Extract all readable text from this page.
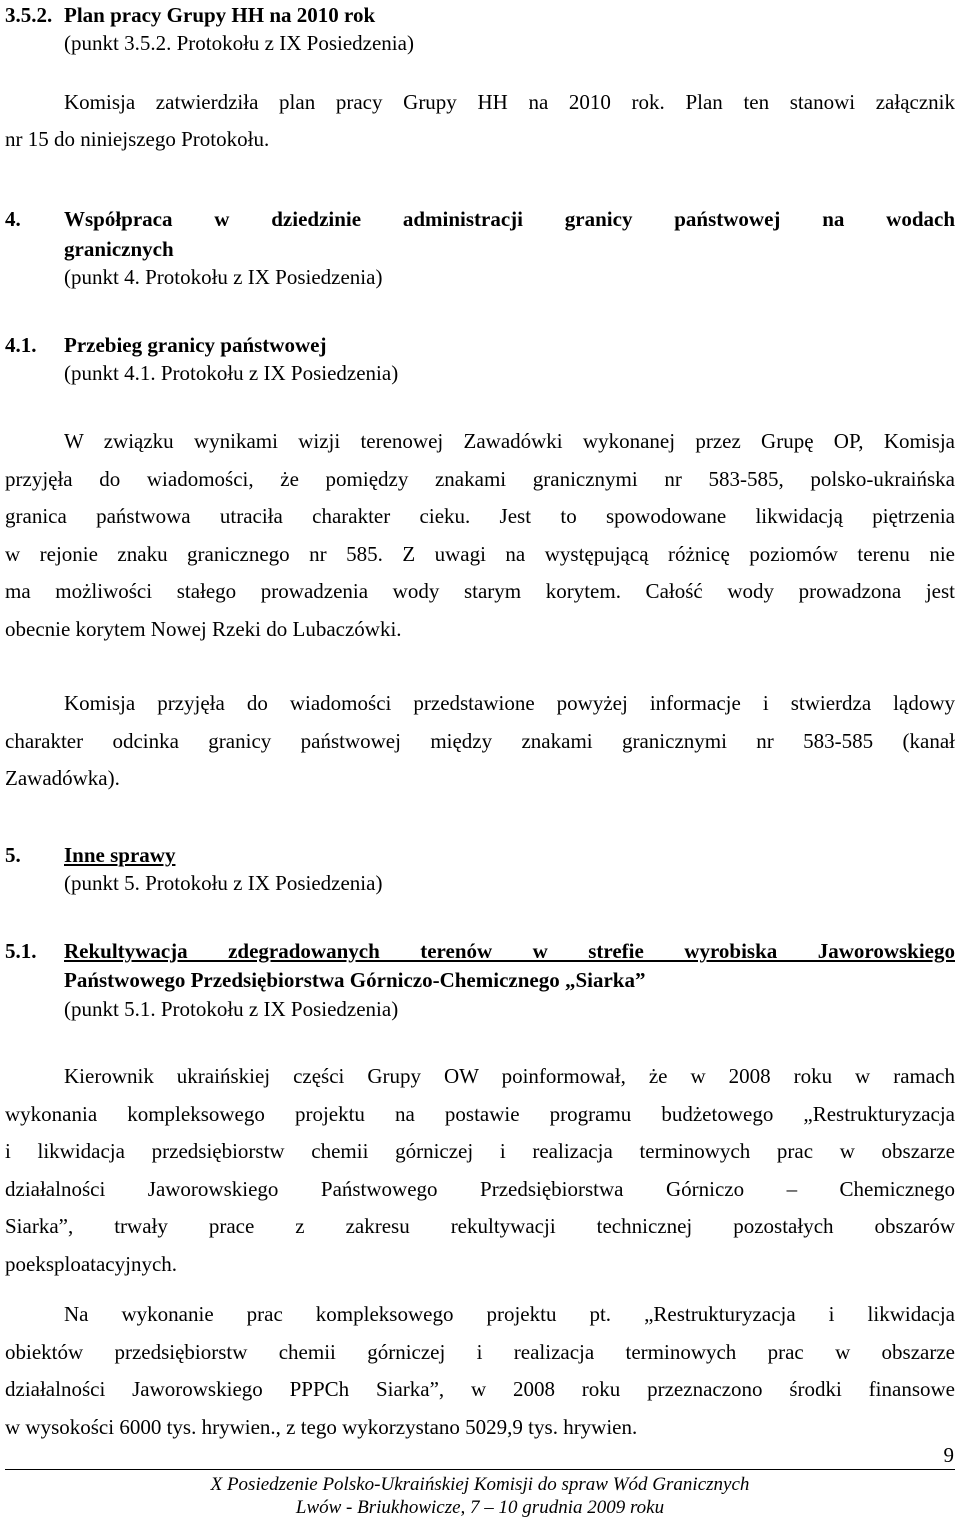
3.5.2. Plan pracy Grupy HH na 2010 rok
(punkt 3.5.2. Protokołu z IX Posiedzenia)
Komisja zatwierdziła plan pracy Grupy HH na 2010 rok. Plan ten stanowi załącznik
nr 15 do niniejszego Protokołu.
4. Współpraca w dziedzinie administracji granicy państwowej na wodach
granicznych
(punkt 4. Protokołu z IX Posiedzenia)
4.1. Przebieg granicy państwowej
(punkt 4.1. Protokołu z IX Posiedzenia)
W związku wynikami wizji terenowej Zawadówki wykonanej przez Grupę OP, Komisja
przyjęła do wiadomości, że pomiędzy znakami granicznymi nr 583-585, polsko-ukraińska
granica państwowa utraciła charakter cieku. Jest to spowodowane likwidacją piętrzenia
w rejonie znaku granicznego nr 585. Z uwagi na występującą różnicę poziomów terenu nie
ma możliwości stałego prowadzenia wody starym korytem. Całość wody prowadzona jest
obecnie korytem Nowej Rzeki do Lubaczówki.
Komisja przyjęła do wiadomości przedstawione powyżej informacje i stwierdza lądowy
charakter odcinka granicy państwowej między znakami granicznymi nr 583-585 (kanał
Zawadówka).
5. Inne sprawy
(punkt 5. Protokołu z IX Posiedzenia)
5.1. Rekultywacja zdegradowanych terenów w strefie wyrobiska Jaworowskiego
Państwowego Przedsiębiorstwa Górniczo-Chemicznego „Siarka”
(punkt 5.1. Protokołu z IX Posiedzenia)
Kierownik ukraińskiej części Grupy OW poinformował, że w 2008 roku w ramach
wykonania kompleksowego projektu na postawie programu budżetowego „Restrukturyzacja
i likwidacja przedsiębiorstw chemii górniczej i realizacja terminowych prac w obszarze
działalności Jaworowskiego Państwowego Przedsiębiorstwa Górniczo – Chemicznego
Siarka”, trwały prace z zakresu rekultywacji technicznej pozostałych obszarów
poeksploatacyjnych.
Na wykonanie prac kompleksowego projektu pt. „Restrukturyzacja i likwidacja
obiektów przedsiębiorstw chemii górniczej i realizacja terminowych prac w obszarze
działalności Jaworowskiego PPPCh Siarka”, w 2008 roku przeznaczono środki finansowe
w wysokości 6000 tys. hrywien., z tego wykorzystano 5029,9 tys. hrywien.
9
X Posiedzenie Polsko-Ukraińskiej Komisji do spraw Wód Granicznych
Lwów - Briukhowicze, 7 – 10 grudnia 2009 roku
